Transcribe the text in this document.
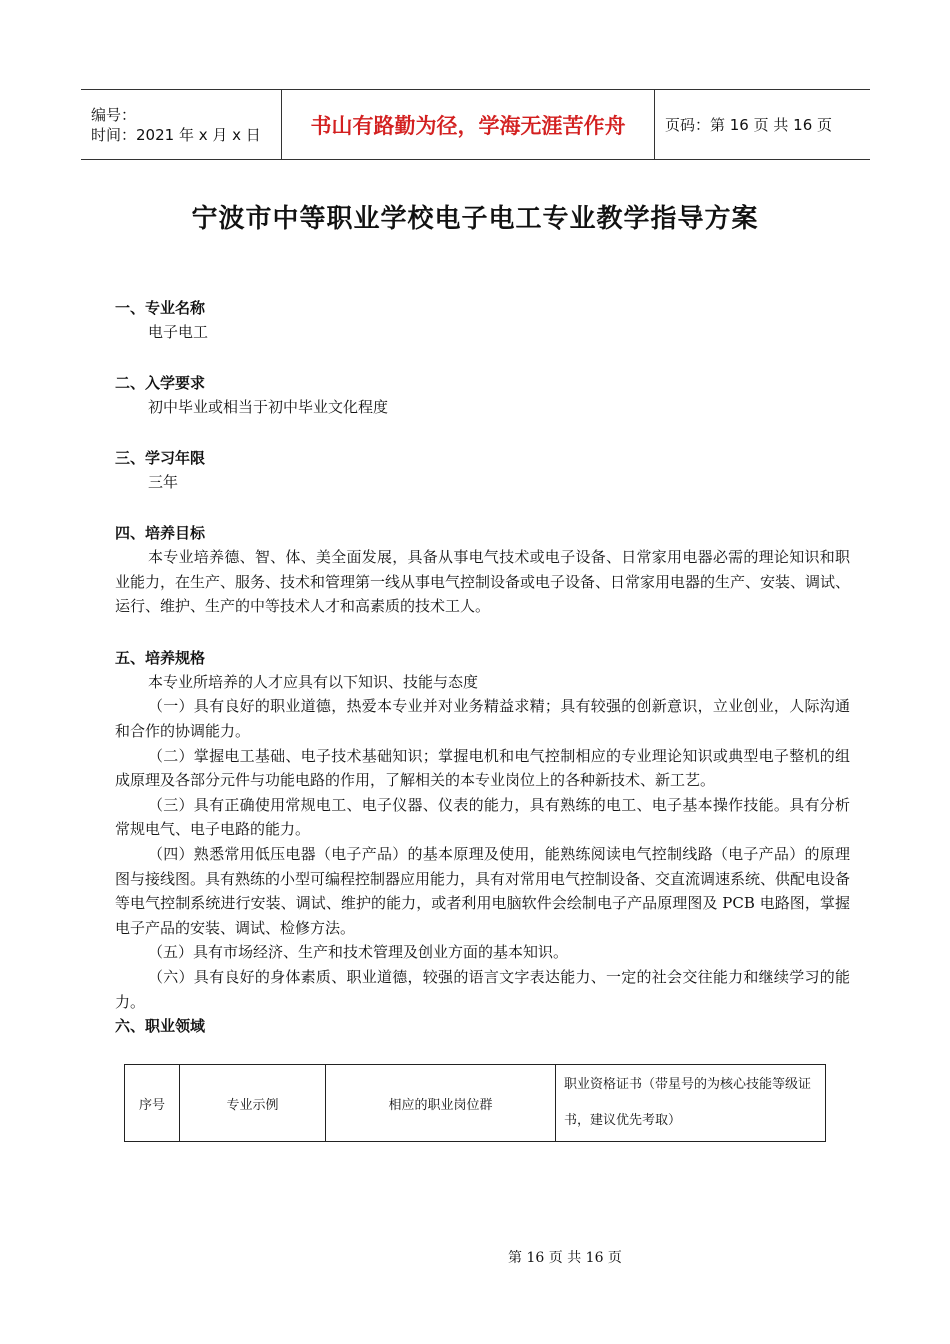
编号：
时间：2021 年 x 月 x 日	书山有路勤为径，学海无涯苦作舟	页码：第 16 页 共 16 页
宁波市中等职业学校电子电工专业教学指导方案
一、专业名称
电子电工
二、入学要求
初中毕业或相当于初中毕业文化程度
三、学习年限
三年
四、培养目标
本专业培养德、智、体、美全面发展，具备从事电气技术或电子设备、日常家用电器必需的理论知识和职业能力，在生产、服务、技术和管理第一线从事电气控制设备或电子设备、日常家用电器的生产、安装、调试、运行、维护、生产的中等技术人才和高素质的技术工人。
五、培养规格
本专业所培养的人才应具有以下知识、技能与态度
（一）具有良好的职业道德，热爱本专业并对业务精益求精；具有较强的创新意识，立业创业，人际沟通和合作的协调能力。
（二）掌握电工基础、电子技术基础知识；掌握电机和电气控制相应的专业理论知识或典型电子整机的组成原理及各部分元件与功能电路的作用，了解相关的本专业岗位上的各种新技术、新工艺。
（三）具有正确使用常规电工、电子仪器、仪表的能力，具有熟练的电工、电子基本操作技能。具有分析常规电气、电子电路的能力。
（四）熟悉常用低压电器（电子产品）的基本原理及使用，能熟练阅读电气控制线路（电子产品）的原理图与接线图。具有熟练的小型可编程控制器应用能力，具有对常用电气控制设备、交直流调速系统、供配电设备等电气控制系统进行安装、调试、维护的能力，或者利用电脑软件会绘制电子产品原理图及 PCB 电路图，掌握电子产品的安装、调试、检修方法。
（五）具有市场经济、生产和技术管理及创业方面的基本知识。
（六）具有良好的身体素质、职业道德，较强的语言文字表达能力、一定的社会交往能力和继续学习的能力。
六、职业领域
序号	专业示例	相应的职业岗位群	职业资格证书（带星号的为核心技能等级证书，建议优先考取）
第 16 页 共 16 页
